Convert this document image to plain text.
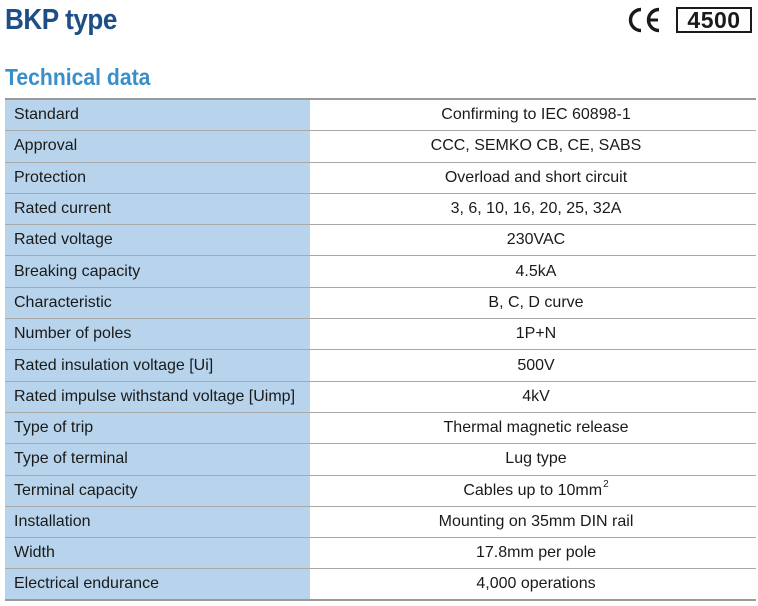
BKP type	4500
Technical data
Standard	Confirming to IEC 60898-1
Approval	CCC, SEMKO CB, CE, SABS
Protection	Overload and short circuit
Rated current	3, 6, 10, 16, 20, 25, 32A
Rated voltage	230VAC
Breaking capacity	4.5kA
Characteristic	B, C, D curve
Number of poles	1P+N
Rated insulation voltage [Ui]	500V
Rated impulse withstand voltage [Uimp]	4kV
Type of trip	Thermal magnetic release
Type of terminal	Lug type
Terminal capacity	Cables up to 10mm 2
Installation	Mounting on 35mm DIN rail
Width	17.8mm per pole
Electrical endurance	4,000 operations
